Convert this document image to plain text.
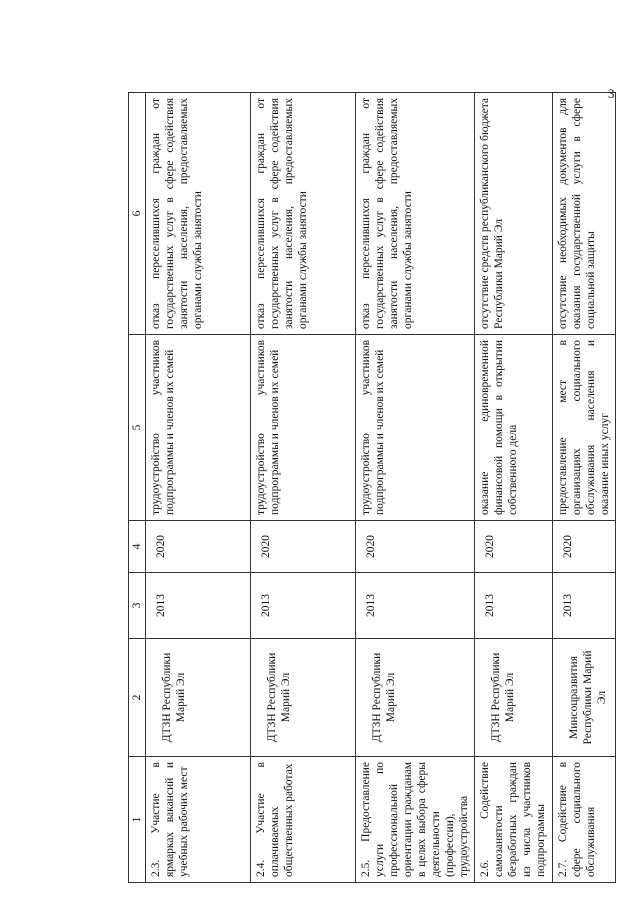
3
1	2	3	4	5	6
2.3. Участие в ярмарках вакансий и учебных рабочих мест	ДТЗН Республики Марий Эл	2013	2020	трудоустройство участников подпрограммы и членов их семей	отказ переселившихся граждан от государственных услуг в сфере содействия занятости населения, предоставляемых органами службы занятости
2.4. Участие в оплачиваемых общественных работах	ДТЗН Республики Марий Эл	2013	2020	трудоустройство участников подпрограммы и членов их семей	отказ переселившихся граждан от государственных услуг в сфере содействия занятости населения, предоставляемых органами службы занятости
2.5. Предоставление услуги по профессиональной ориентации гражданам в целях выбора сферы деятельности (профессии), трудоустройства	ДТЗН Республики Марий Эл	2013	2020	трудоустройство участников подпрограммы и членов их семей	отказ переселившихся граждан от государственных услуг в сфере содействия занятости населения, предоставляемых органами службы занятости
2.6. Содействие самозанятости безработных граждан из числа участников подпрограммы	ДТЗН Республики Марий Эл	2013	2020	оказание единовременной финансовой помощи в открытии собственного дела	отсутствие средств республиканского бюджета Республики Марий Эл
2.7. Содействие в сфере социального обслуживания	Минсоцразвития Республики Марий Эл	2013	2020	предоставление мест в организациях социального обслуживания населения и оказание иных услуг	отсутствие необходимых документов для оказания государственной услуги в сфере социальной защиты
